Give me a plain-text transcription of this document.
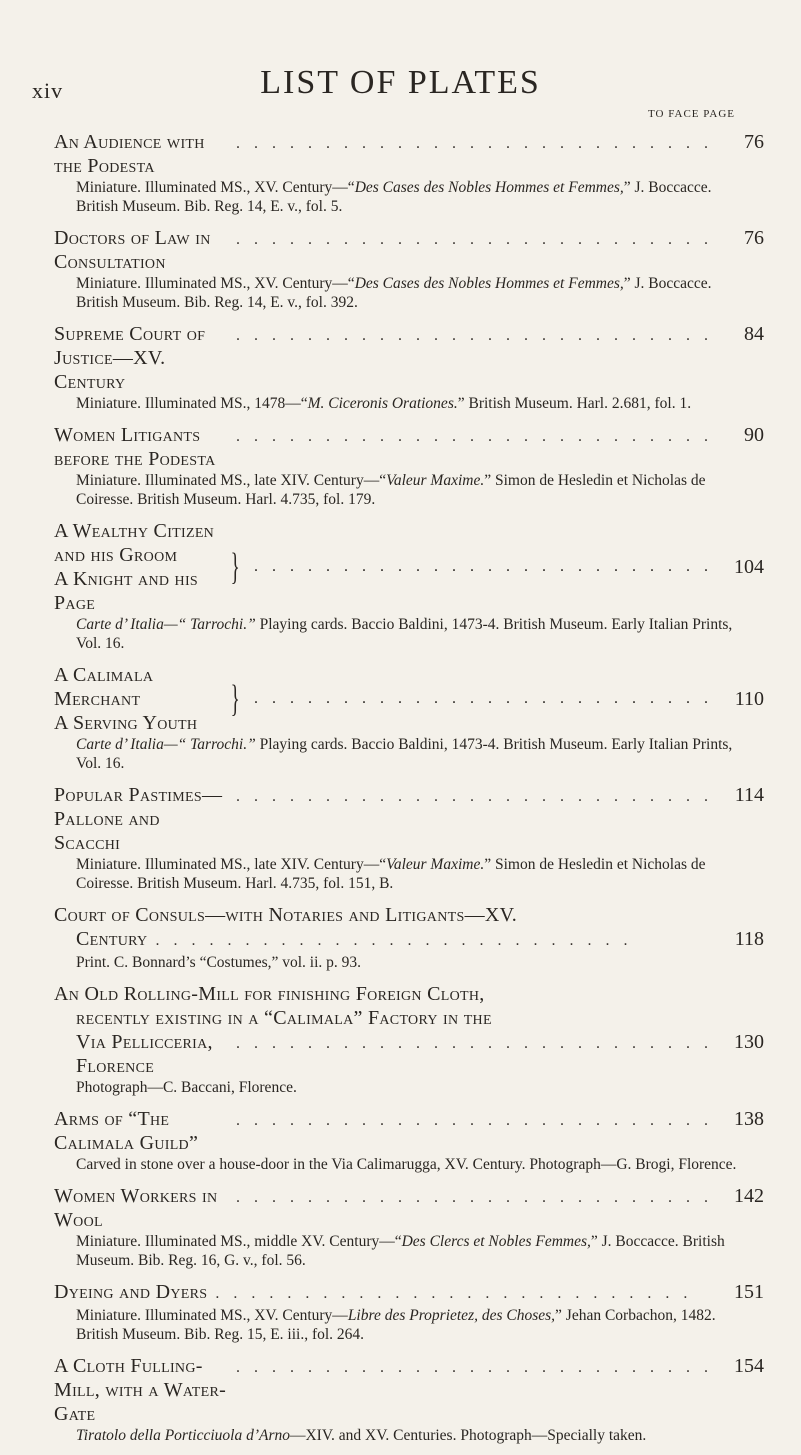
xiv	LIST OF PLATES
TO FACE PAGE
An Audience with the Podesta
...........................	76
Miniature. Illuminated MS., XV. Century—“Des Cases des Nobles Hommes et Femmes,” J. Boccacce. British Museum. Bib. Reg. 14, E. v., fol. 5.
Doctors of Law in Consultation
...........................	76
Miniature. Illuminated MS., XV. Century—“Des Cases des Nobles Hommes et Femmes,” J. Boccacce. British Museum. Bib. Reg. 14, E. v., fol. 392.
Supreme Court of Justice—XV. Century
...........................	84
Miniature. Illuminated MS., 1478—“M. Ciceronis Orationes.” British Museum. Harl. 2.681, fol. 1.
Women Litigants before the Podesta
...........................	90
Miniature. Illuminated MS., late XIV. Century—“Valeur Maxime.” Simon de Hesledin et Nicholas de Coiresse. British Museum. Harl. 4.735, fol. 179.
A Wealthy Citizen and his Groom
A Knight and his Page
} .......................... 104
Carte d’ Italia—“ Tarrochi.” Playing cards. Baccio Baldini, 1473-4. British Museum. Early Italian Prints, Vol. 16.
A Calimala Merchant
A Serving Youth
} .......................... 110
Carte d’ Italia—“ Tarrochi.” Playing cards. Baccio Baldini, 1473-4. British Museum. Early Italian Prints, Vol. 16.
Popular Pastimes—Pallone and Scacchi
........................... 114
Miniature. Illuminated MS., late XIV. Century—“Valeur Maxime.” Simon de Hesledin et Nicholas de Coiresse. British Museum. Harl. 4.735, fol. 151, B.
Court of Consuls—with Notaries and Litigants—XV.
Century ...........................	118
Print. C. Bonnard’s “Costumes,” vol. ii. p. 93.
An Old Rolling-Mill for finishing Foreign Cloth,
recently existing in a “Calimala” Factory in the
Via Pellicceria, Florence
........................... 130
Photograph—C. Baccani, Florence.
Arms of “The Calimala Guild”
........................... 138
Carved in stone over a house-door in the Via Calimarugga, XV. Century. Photograph—G. Brogi, Florence.
Women Workers in Wool
........................... 142
Miniature. Illuminated MS., middle XV. Century—“Des Clercs et Nobles Femmes,” J. Boccacce. British Museum. Bib. Reg. 16, G. v., fol. 56.
Dyeing and Dyers ...........................	151
Miniature. Illuminated MS., XV. Century—Libre des Proprietez, des Choses,” Jehan Corbachon, 1482. British Museum. Bib. Reg. 15, E. iii., fol. 264.
A Cloth Fulling-Mill, with a Water-Gate
........................... 154
Tiratolo della Porticciuola d’Arno—XIV. and XV. Centuries. Photograph—Specially taken.
